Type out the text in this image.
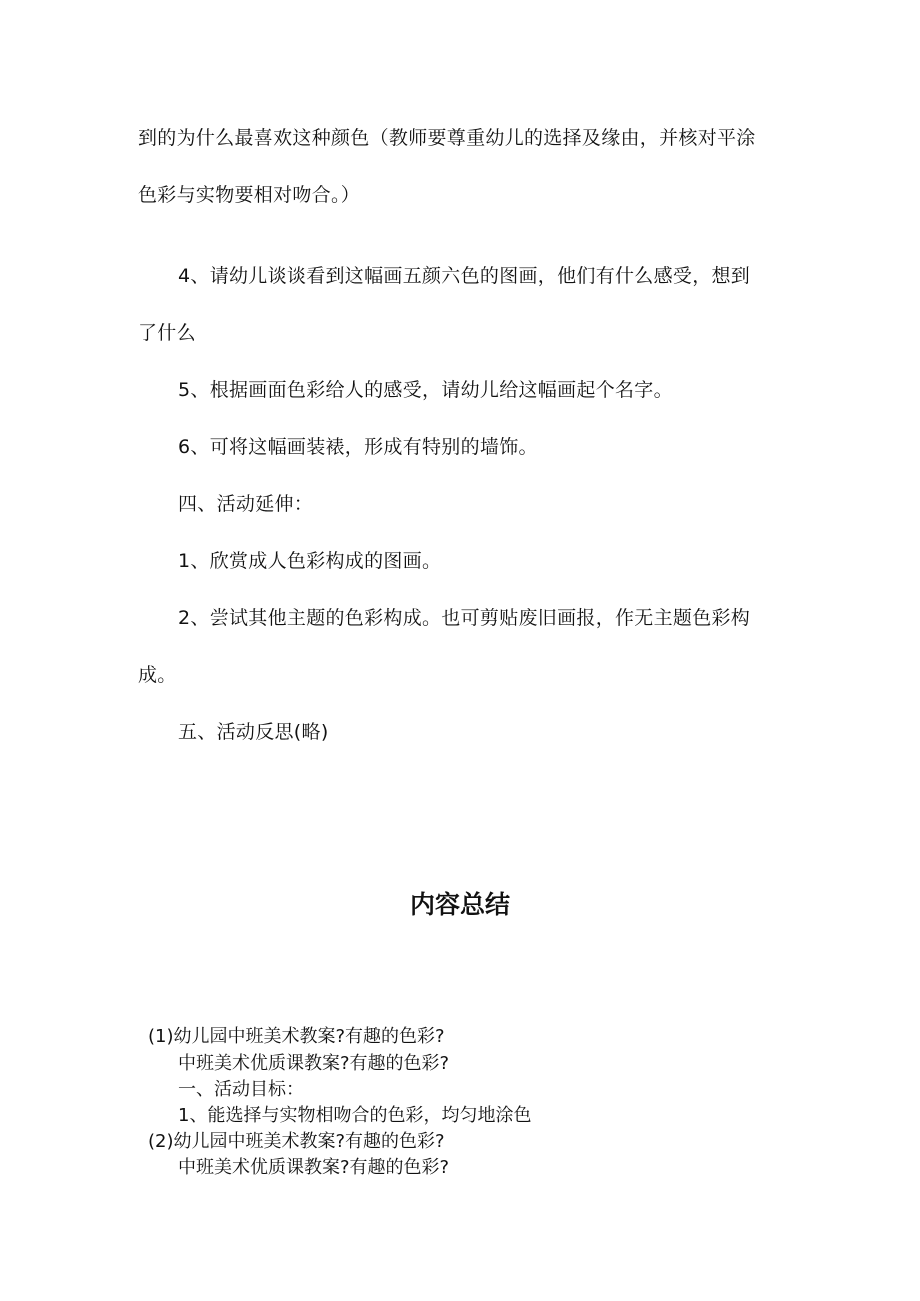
到的为什么最喜欢这种颜色（教师要尊重幼儿的选择及缘由，并核对平涂
色彩与实物要相对吻合。）
4、请幼儿谈谈看到这幅画五颜六色的图画，他们有什么感受，想到
了什么
5、根据画面色彩给人的感受，请幼儿给这幅画起个名字。
6、可将这幅画装裱，形成有特别的墙饰。
四、活动延伸：
1、欣赏成人色彩构成的图画。
2、尝试其他主题的色彩构成。也可剪贴废旧画报，作无主题色彩构
成。
五、活动反思(略)
内容总结
(1)幼儿园中班美术教案?有趣的色彩?
中班美术优质课教案?有趣的色彩?
一、活动目标：
1、能选择与实物相吻合的色彩，均匀地涂色
(2)幼儿园中班美术教案?有趣的色彩?
中班美术优质课教案?有趣的色彩?
